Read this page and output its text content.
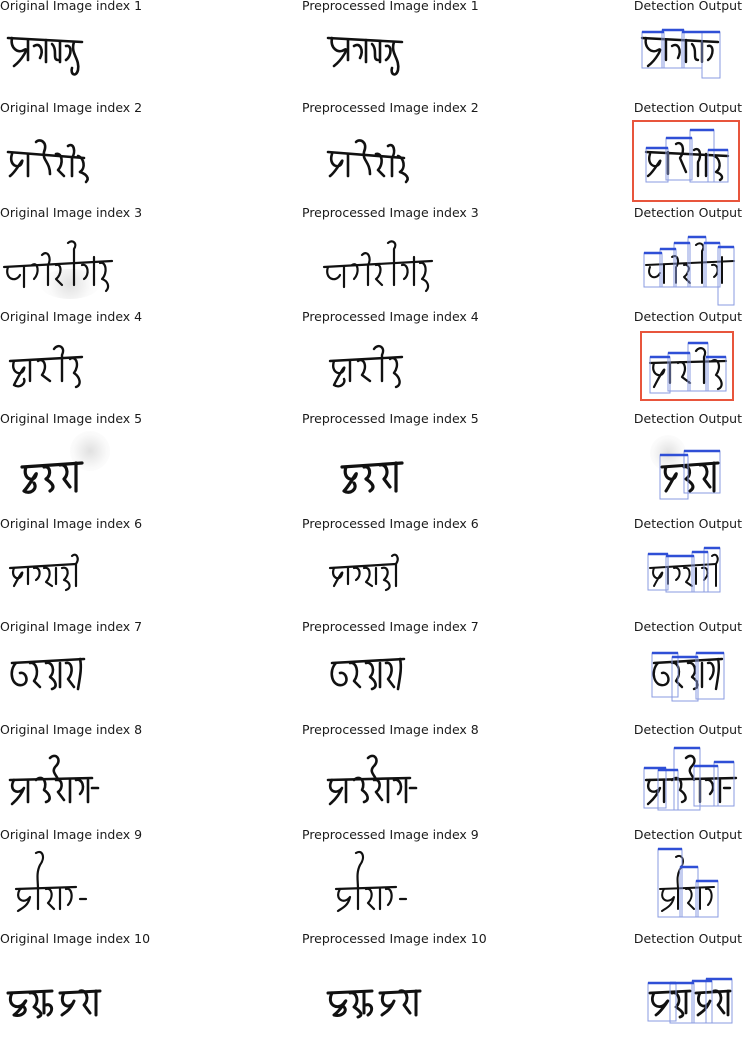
Original Image index 1	Preprocessed Image index 1	Detection Output
Original Image index 2	Preprocessed Image index 2	Detection Output
Original Image index 3	Preprocessed Image index 3	Detection Output
Original Image index 4	Preprocessed Image index 4	Detection Output
Original Image index 5	Preprocessed Image index 5	Detection Output
Original Image index 6	Preprocessed Image index 6	Detection Output
Original Image index 7	Preprocessed Image index 7	Detection Output
Original Image index 8	Preprocessed Image index 8	Detection Output
Original Image index 9	Preprocessed Image index 9	Detection Output
Original Image index 10	Preprocessed Image index 10	Detection Output
